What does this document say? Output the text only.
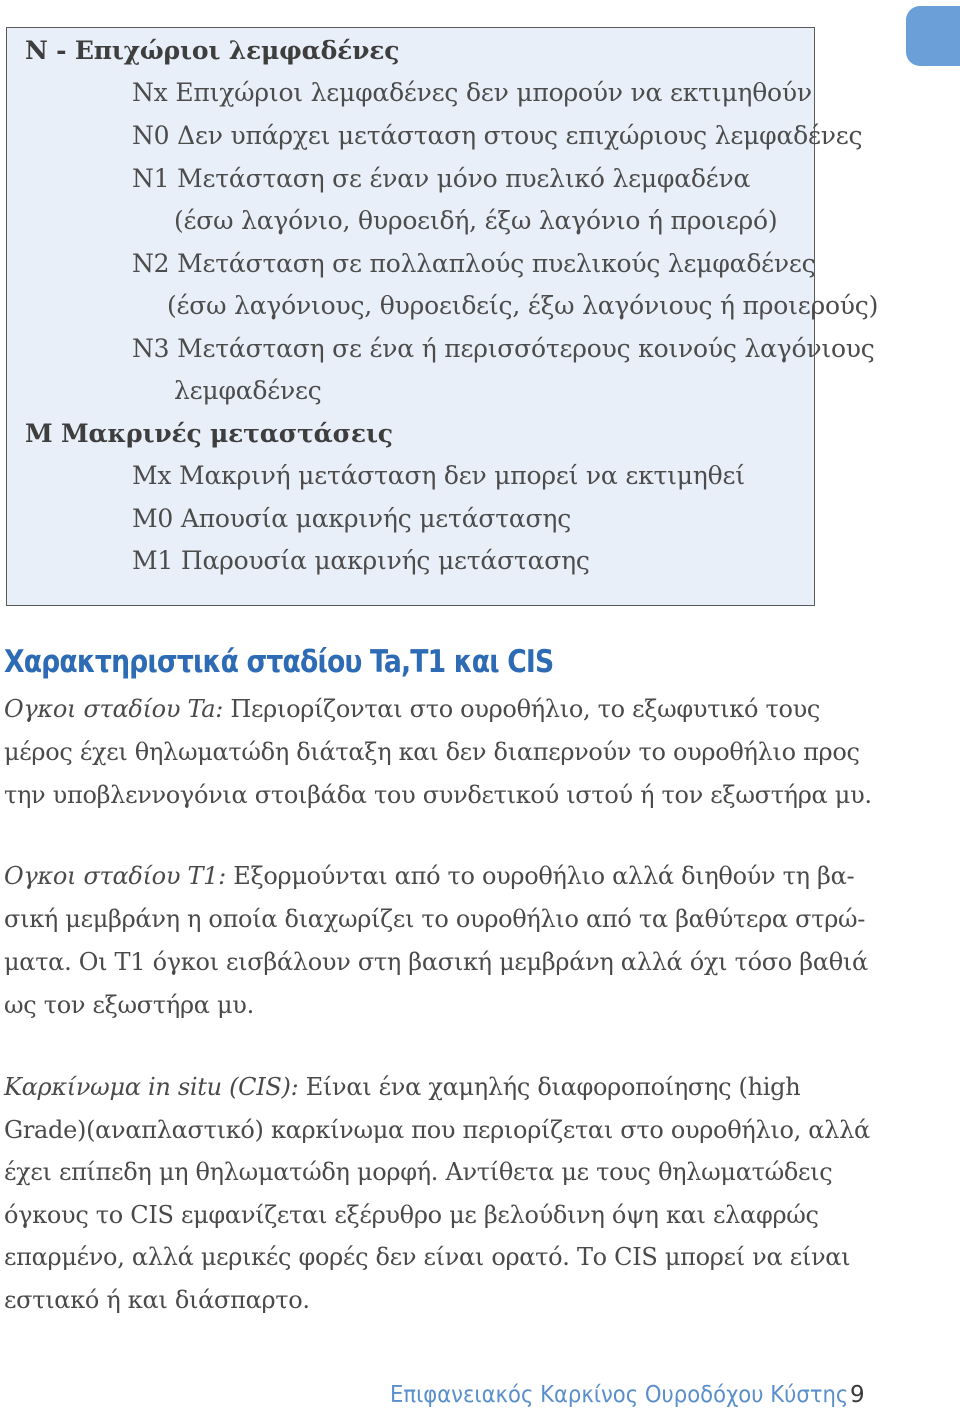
N - Επιχώριοι λεμφαδένες
Nx Επιχώριοι λεμφαδένες δεν μπορούν να εκτιμηθούν
N0 Δεν υπάρχει μετάσταση στους επιχώριους λεμφαδένες
N1 Μετάσταση σε έναν μόνο πυελικό λεμφαδένα
(έσω λαγόνιο, θυροειδή, έξω λαγόνιο ή προιερό)
N2 Μετάσταση σε πολλαπλούς πυελικούς λεμφαδένες
(έσω λαγόνιους, θυροειδείς, έξω λαγόνιους ή προιερούς)
N3 Μετάσταση σε ένα ή περισσότερους κοινούς λαγόνιους
λεμφαδένες
M Μακρινές μεταστάσεις
Mx Μακρινή μετάσταση δεν μπορεί να εκτιμηθεί
M0 Απουσία μακρινής μετάστασης
M1 Παρουσία μακρινής μετάστασης
Χαρακτηριστικά σταδίου Ta,T1 και CIS
Ογκοι σταδίου Ta: Περιορίζονται στο ουροθήλιο, το εξωφυτικό τους
μέρος έχει θηλωματώδη διάταξη και δεν διαπερνούν το ουροθήλιο προς
την υποβλεννογόνια στοιβάδα του συνδετικού ιστού ή τον εξωστήρα μυ.
Ογκοι σταδίου T1: Εξορμούνται από το ουροθήλιο αλλά διηθούν τη βα-
σική μεμβράνη η οποία διαχωρίζει το ουροθήλιο από τα βαθύτερα στρώ-
ματα. Οι Τ1 όγκοι εισβάλουν στη βασική μεμβράνη αλλά όχι τόσο βαθιά
ως τον εξωστήρα μυ.
Καρκίνωμα in situ (CIS): Είναι ένα χαμηλής διαφοροποίησης (high
Grade)(αναπλαστικό) καρκίνωμα που περιορίζεται στο ουροθήλιο, αλλά
έχει επίπεδη μη θηλωματώδη μορφή. Αντίθετα με τους θηλωματώδεις
όγκους το CIS εμφανίζεται εξέρυθρο με βελούδινη όψη και ελαφρώς
επαρμένο, αλλά μερικές φορές δεν είναι ορατό. Το CIS μπορεί να είναι
εστιακό ή και διάσπαρτο.
Επιφανειακός Καρκίνος Ουροδόχου Κύστης 9
